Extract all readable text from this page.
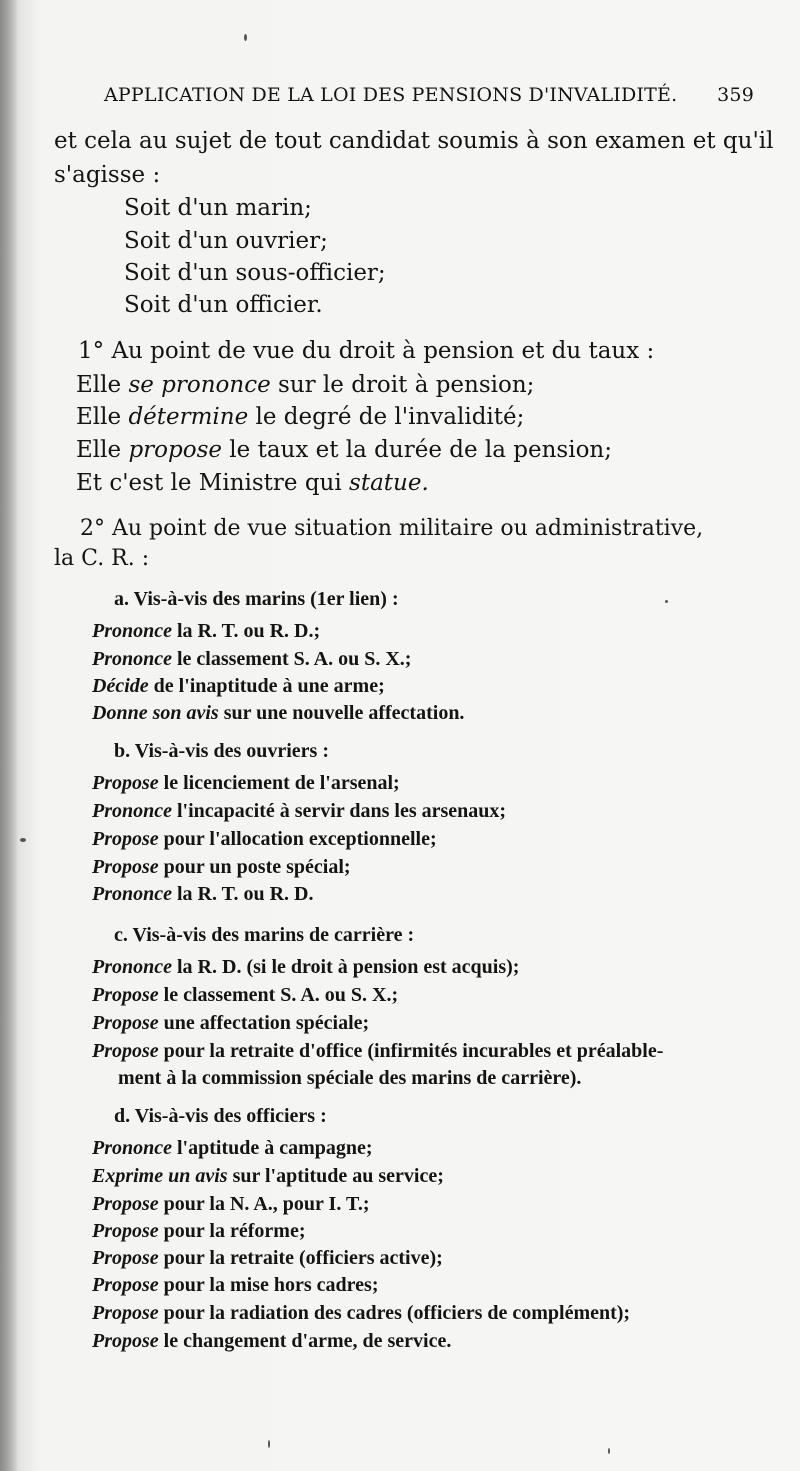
APPLICATION DE LA LOI DES PENSIONS D'INVALIDITÉ. 359
et cela au sujet de tout candidat soumis à son examen et qu'il
s'agisse :
Soit d'un marin;
Soit d'un ouvrier;
Soit d'un sous-officier;
Soit d'un officier.
1° Au point de vue du droit à pension et du taux :
Elle se prononce sur le droit à pension;
Elle détermine le degré de l'invalidité;
Elle propose le taux et la durée de la pension;
Et c'est le Ministre qui statue.
2° Au point de vue situation militaire ou administrative,
la C. R. :
a. Vis-à-vis des marins (1er lien) :
Prononce la R. T. ou R. D.;
Prononce le classement S. A. ou S. X.;
Décide de l'inaptitude à une arme;
Donne son avis sur une nouvelle affectation.
b. Vis-à-vis des ouvriers :
Propose le licenciement de l'arsenal;
Prononce l'incapacité à servir dans les arsenaux;
Propose pour l'allocation exceptionnelle;
Propose pour un poste spécial;
Prononce la R. T. ou R. D.
c. Vis-à-vis des marins de carrière :
Prononce la R. D. (si le droit à pension est acquis);
Propose le classement S. A. ou S. X.;
Propose une affectation spéciale;
Propose pour la retraite d'office (infirmités incurables et préalable-
ment à la commission spéciale des marins de carrière).
d. Vis-à-vis des officiers :
Prononce l'aptitude à campagne;
Exprime un avis sur l'aptitude au service;
Propose pour la N. A., pour I. T.;
Propose pour la réforme;
Propose pour la retraite (officiers active);
Propose pour la mise hors cadres;
Propose pour la radiation des cadres (officiers de complément);
Propose le changement d'arme, de service.
